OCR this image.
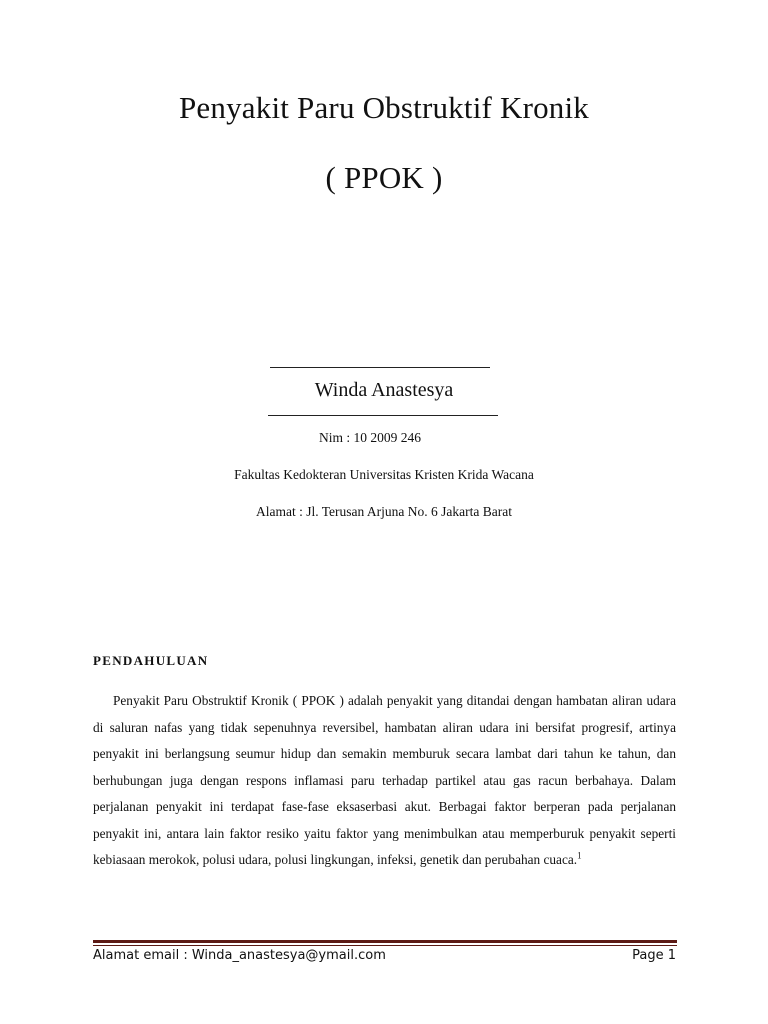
Penyakit Paru Obstruktif Kronik
( PPOK )
Winda Anastesya
Nim : 10 2009 246
Fakultas Kedokteran Universitas Kristen Krida Wacana
Alamat : Jl. Terusan Arjuna No. 6 Jakarta Barat
PENDAHULUAN

Penyakit Paru Obstruktif Kronik ( PPOK ) adalah penyakit yang ditandai dengan hambatan aliran udara di saluran nafas yang tidak sepenuhnya reversibel, hambatan aliran udara ini bersifat progresif, artinya penyakit ini berlangsung seumur hidup dan semakin memburuk secara lambat dari tahun ke tahun, dan berhubungan juga dengan respons inflamasi paru terhadap partikel atau gas racun berbahaya. Dalam perjalanan penyakit ini terdapat fase-fase eksaserbasi akut. Berbagai faktor berperan pada perjalanan penyakit ini, antara lain faktor resiko yaitu faktor yang menimbulkan atau memperburuk penyakit seperti kebiasaan merokok, polusi udara, polusi lingkungan, infeksi, genetik dan perubahan cuaca.$^1$

Alamat email : Winda_anastesya@ymail.com	Page 1
